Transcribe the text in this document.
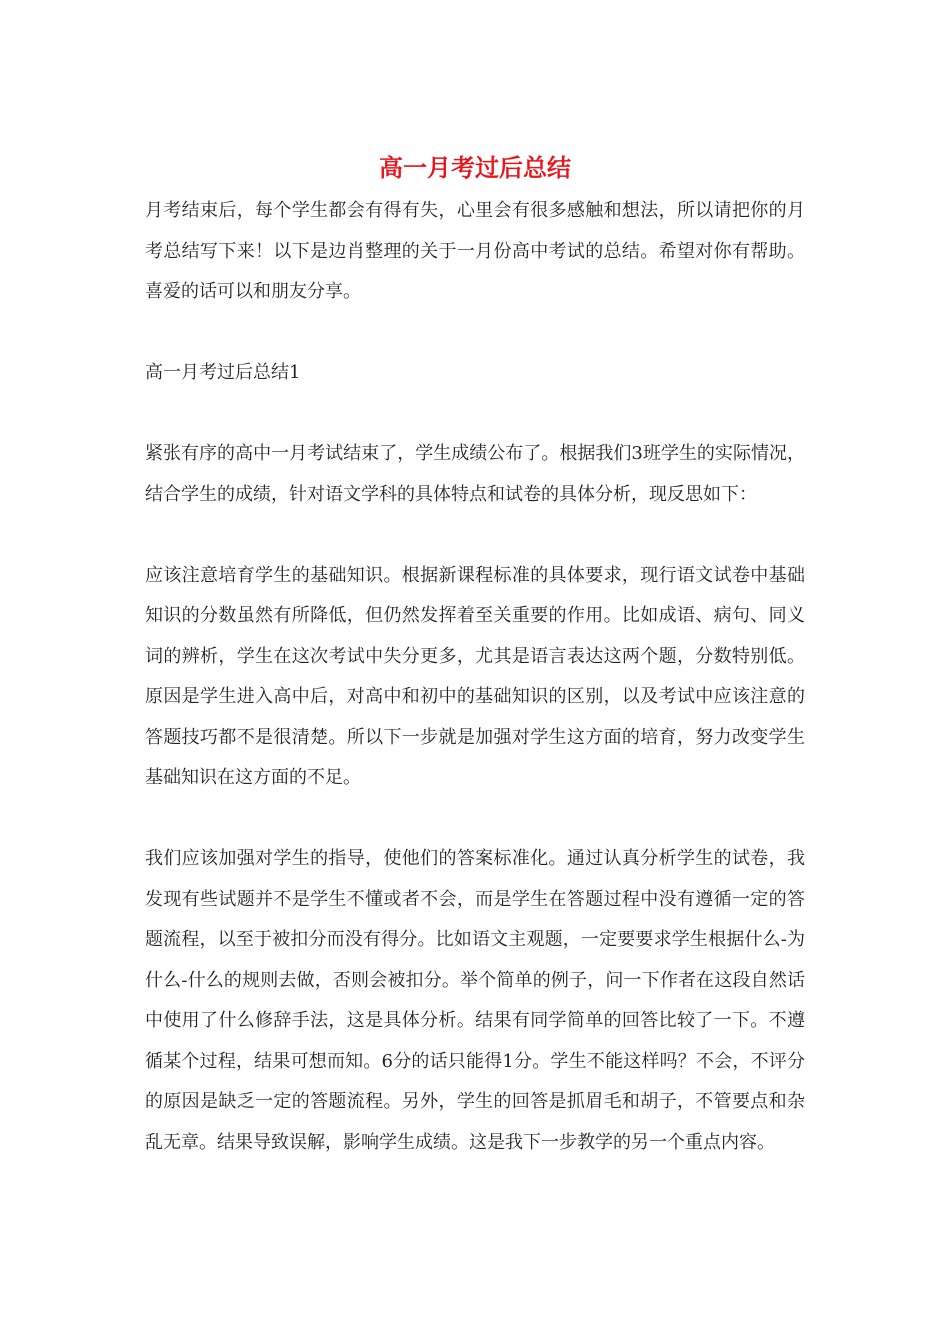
高一月考过后总结

月考结束后，每个学生都会有得有失，心里会有很多感触和想法，所以请把你的月考总结写下来！以下是边肖整理的关于一月份高中考试的总结。希望对你有帮助。喜爱的话可以和朋友分享。

高一月考过后总结1

紧张有序的高中一月考试结束了，学生成绩公布了。根据我们3班学生的实际情况，结合学生的成绩，针对语文学科的具体特点和试卷的具体分析，现反思如下：

应该注意培育学生的基础知识。根据新课程标准的具体要求，现行语文试卷中基础知识的分数虽然有所降低，但仍然发挥着至关重要的作用。比如成语、病句、同义词的辨析，学生在这次考试中失分更多，尤其是语言表达这两个题，分数特别低。原因是学生进入高中后，对高中和初中的基础知识的区别，以及考试中应该注意的答题技巧都不是很清楚。所以下一步就是加强对学生这方面的培育，努力改变学生基础知识在这方面的不足。

我们应该加强对学生的指导，使他们的答案标准化。通过认真分析学生的试卷，我发现有些试题并不是学生不懂或者不会，而是学生在答题过程中没有遵循一定的答题流程，以至于被扣分而没有得分。比如语文主观题，一定要要求学生根据什么-为什么-什么的规则去做，否则会被扣分。举个简单的例子，问一下作者在这段自然话中使用了什么修辞手法，这是具体分析。结果有同学简单的回答比较了一下。不遵循某个过程，结果可想而知。6分的话只能得1分。学生不能这样吗？不会，不评分的原因是缺乏一定的答题流程。另外，学生的回答是抓眉毛和胡子，不管要点和杂乱无章。结果导致误解，影响学生成绩。这是我下一步教学的另一个重点内容。
